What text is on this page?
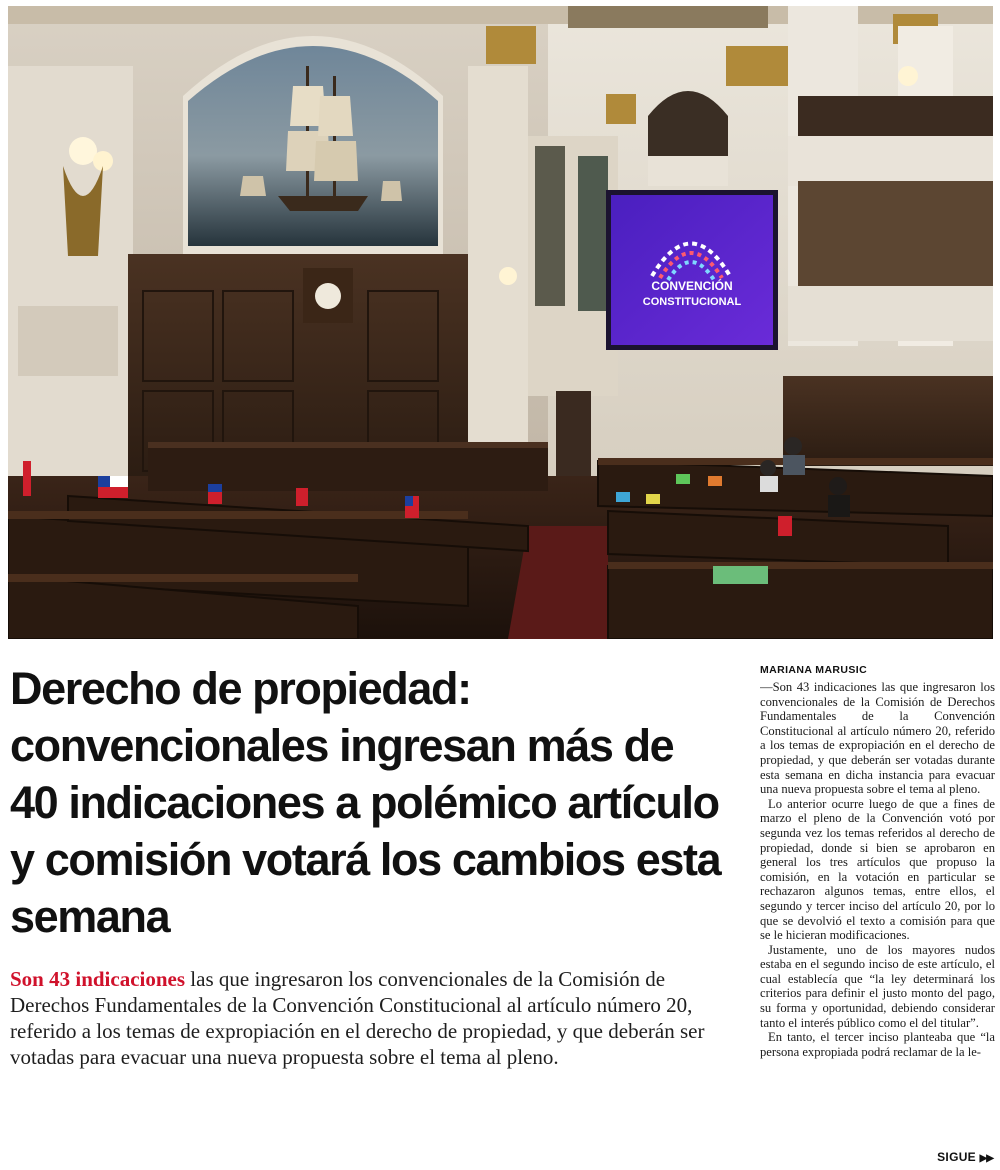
CONVENCIÓN
CONSTITUCIONAL
Derecho de propiedad: convencionales ingresan más de 40 indicaciones a polémico artículo y comisión votará los cambios esta semana

Son 43 indicaciones las que ingresaron los convencionales de la Comisión de Derechos Fundamentales de la Convención Constitucional al artículo número 20, referido a los temas de expropiación en el derecho de propiedad, y que deberán ser votadas para evacuar una nueva propuesta sobre el tema al pleno.

MARIANA MARUSIC

—Son 43 indicaciones las que ingresaron los convencionales de la Comisión de Derechos Fundamentales de la Convención Constitucional al artículo número 20, referido a los temas de expropiación en el derecho de propiedad, y que deberán ser votadas durante esta semana en dicha instancia para evacuar una nueva propuesta sobre el tema al pleno.

Lo anterior ocurre luego de que a fines de marzo el pleno de la Convención votó por segunda vez los temas referidos al derecho de propiedad, donde si bien se aprobaron en general los tres artículos que propuso la comisión, en la votación en particular se rechazaron algunos temas, entre ellos, el segundo y tercer inciso del artículo 20, por lo que se devolvió el texto a comisión para que se le hicieran modificaciones.

Justamente, uno de los mayores nudos estaba en el segundo inciso de este artículo, el cual establecía que “la ley determinará los criterios para definir el justo monto del pago, su forma y oportunidad, debiendo considerar tanto el interés público como el del titular”.

En tanto, el tercer inciso planteaba que “la persona expropiada podrá reclamar de la le-

SIGUE ▶▶
